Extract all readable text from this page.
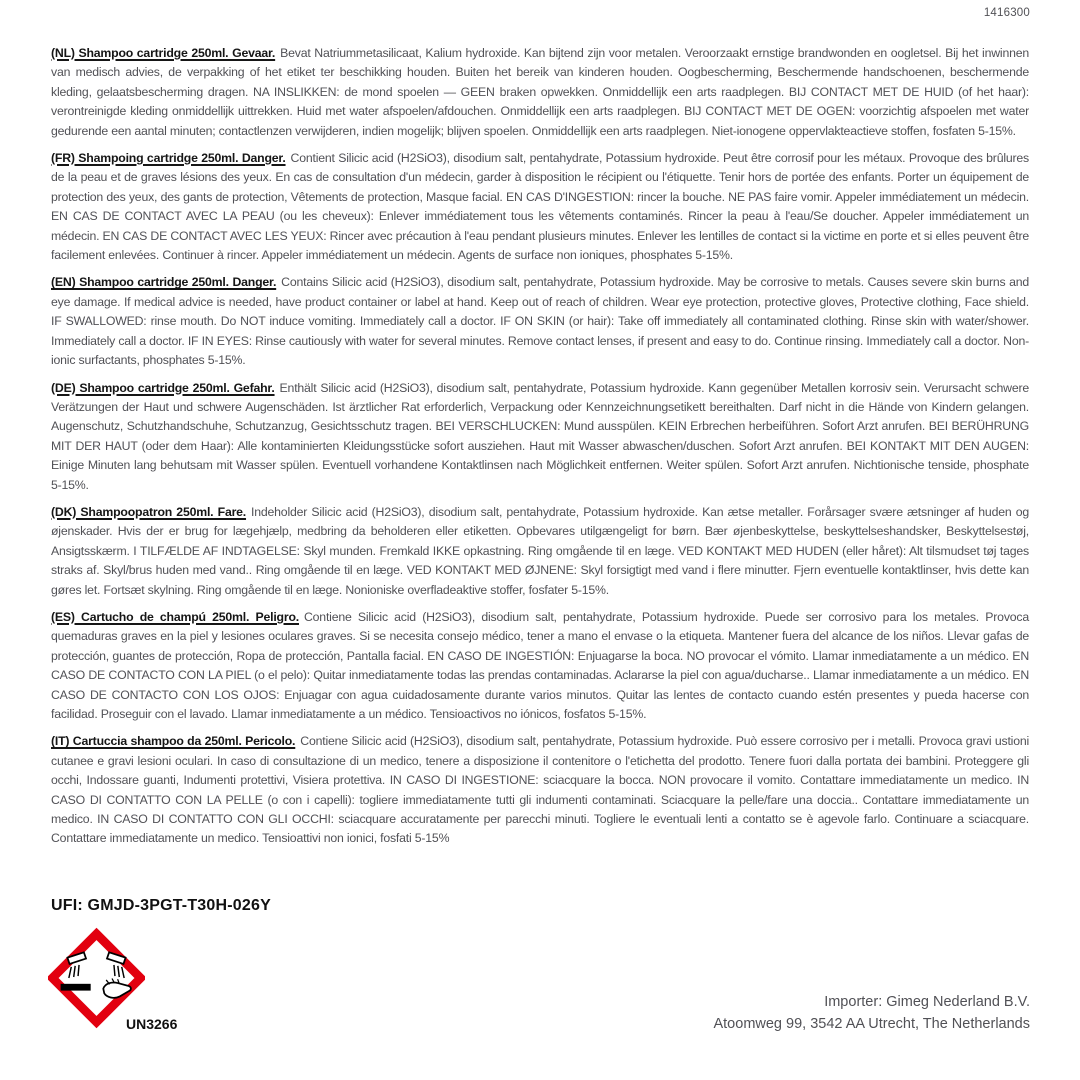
1416300

(NL) Shampoo cartridge 250ml. Gevaar. Bevat Natriummetasilicaat, Kalium hydroxide. Kan bijtend zijn voor metalen. Veroorzaakt ernstige brandwonden en oogletsel. Bij het inwinnen van medisch advies, de verpakking of het etiket ter beschikking houden. Buiten het bereik van kinderen houden. Oogbescherming, Beschermende handschoenen, beschermende kleding, gelaatsbescherming dragen. NA INSLIKKEN: de mond spoelen — GEEN braken opwekken. Onmiddellijk een arts raadplegen. BIJ CONTACT MET DE HUID (of het haar): verontreinigde kleding onmiddellijk uittrekken. Huid met water afspoelen/afdouchen. Onmiddellijk een arts raadplegen. BIJ CONTACT MET DE OGEN: voorzichtig afspoelen met water gedurende een aantal minuten; contactlenzen verwijderen, indien mogelijk; blijven spoelen. Onmiddellijk een arts raadplegen. Niet-ionogene oppervlakteactieve stoffen, fosfaten 5-15%.

(FR) Shampoing cartridge 250ml. Danger. Contient Silicic acid (H2SiO3), disodium salt, pentahydrate, Potassium hydroxide. Peut être corrosif pour les métaux. Provoque des brûlures de la peau et de graves lésions des yeux. En cas de consultation d'un médecin, garder à disposition le récipient ou l'étiquette. Tenir hors de portée des enfants. Porter un équipement de protection des yeux, des gants de protection, Vêtements de protection, Masque facial. EN CAS D'INGESTION: rincer la bouche. NE PAS faire vomir. Appeler immédiatement un médecin. EN CAS DE CONTACT AVEC LA PEAU (ou les cheveux): Enlever immédiatement tous les vêtements contaminés. Rincer la peau à l'eau/Se doucher. Appeler immédiatement un médecin. EN CAS DE CONTACT AVEC LES YEUX: Rincer avec précaution à l'eau pendant plusieurs minutes. Enlever les lentilles de contact si la victime en porte et si elles peuvent être facilement enlevées. Continuer à rincer. Appeler immédiatement un médecin. Agents de surface non ioniques, phosphates 5-15%.

(EN) Shampoo cartridge 250ml. Danger. Contains Silicic acid (H2SiO3), disodium salt, pentahydrate, Potassium hydroxide. May be corrosive to metals. Causes severe skin burns and eye damage. If medical advice is needed, have product container or label at hand. Keep out of reach of children. Wear eye protection, protective gloves, Protective clothing, Face shield. IF SWALLOWED: rinse mouth. Do NOT induce vomiting. Immediately call a doctor. IF ON SKIN (or hair): Take off immediately all contaminated clothing. Rinse skin with water/shower. Immediately call a doctor. IF IN EYES: Rinse cautiously with water for several minutes. Remove contact lenses, if present and easy to do. Continue rinsing. Immediately call a doctor. Non-ionic surfactants, phosphates 5-15%.

(DE) Shampoo cartridge 250ml. Gefahr. Enthält Silicic acid (H2SiO3), disodium salt, pentahydrate, Potassium hydroxide. Kann gegenüber Metallen korrosiv sein. Verursacht schwere Verätzungen der Haut und schwere Augenschäden. Ist ärztlicher Rat erforderlich, Verpackung oder Kennzeichnungsetikett bereithalten. Darf nicht in die Hände von Kindern gelangen. Augenschutz, Schutzhandschuhe, Schutzanzug, Gesichtsschutz tragen. BEI VERSCHLUCKEN: Mund ausspülen. KEIN Erbrechen herbeiführen. Sofort Arzt anrufen. BEI BERÜHRUNG MIT DER HAUT (oder dem Haar): Alle kontaminierten Kleidungsstücke sofort ausziehen. Haut mit Wasser abwaschen/duschen. Sofort Arzt anrufen. BEI KONTAKT MIT DEN AUGEN: Einige Minuten lang behutsam mit Wasser spülen. Eventuell vorhandene Kontaktlinsen nach Möglichkeit entfernen. Weiter spülen. Sofort Arzt anrufen. Nichtionische tenside, phosphate 5-15%.

(DK) Shampoopatron 250ml. Fare. Indeholder Silicic acid (H2SiO3), disodium salt, pentahydrate, Potassium hydroxide. Kan ætse metaller. Forårsager svære ætsninger af huden og øjenskader. Hvis der er brug for lægehjælp, medbring da beholderen eller etiketten. Opbevares utilgængeligt for børn. Bær øjenbeskyttelse, beskyttelseshandsker, Beskyttelsestøj, Ansigtsskærm. I TILFÆLDE AF INDTAGELSE: Skyl munden. Fremkald IKKE opkastning. Ring omgående til en læge. VED KONTAKT MED HUDEN (eller håret): Alt tilsmudset tøj tages straks af. Skyl/brus huden med vand.. Ring omgående til en læge. VED KONTAKT MED ØJNENE: Skyl forsigtigt med vand i flere minutter. Fjern eventuelle kontaktlinser, hvis dette kan gøres let. Fortsæt skylning. Ring omgående til en læge. Nonioniske overfladeaktive stoffer, fosfater 5-15%.

(ES) Cartucho de champú 250ml. Peligro. Contiene Silicic acid (H2SiO3), disodium salt, pentahydrate, Potassium hydroxide. Puede ser corrosivo para los metales. Provoca quemaduras graves en la piel y lesiones oculares graves. Si se necesita consejo médico, tener a mano el envase o la etiqueta. Mantener fuera del alcance de los niños. Llevar gafas de protección, guantes de protección, Ropa de protección, Pantalla facial. EN CASO DE INGESTIÓN: Enjuagarse la boca. NO provocar el vómito. Llamar inmediatamente a un médico. EN CASO DE CONTACTO CON LA PIEL (o el pelo): Quitar inmediatamente todas las prendas contaminadas. Aclararse la piel con agua/ducharse.. Llamar inmediatamente a un médico. EN CASO DE CONTACTO CON LOS OJOS: Enjuagar con agua cuidadosamente durante varios minutos. Quitar las lentes de contacto cuando estén presentes y pueda hacerse con facilidad. Proseguir con el lavado. Llamar inmediatamente a un médico. Tensioactivos no iónicos, fosfatos 5-15%.

(IT) Cartuccia shampoo da 250ml. Pericolo. Contiene Silicic acid (H2SiO3), disodium salt, pentahydrate, Potassium hydroxide. Può essere corrosivo per i metalli. Provoca gravi ustioni cutanee e gravi lesioni oculari. In caso di consultazione di un medico, tenere a disposizione il contenitore o l'etichetta del prodotto. Tenere fuori dalla portata dei bambini. Proteggere gli occhi, Indossare guanti, Indumenti protettivi, Visiera protettiva. IN CASO DI INGESTIONE: sciacquare la bocca. NON provocare il vomito. Contattare immediatamente un medico. IN CASO DI CONTATTO CON LA PELLE (o con i capelli): togliere immediatamente tutti gli indumenti contaminati. Sciacquare la pelle/fare una doccia.. Contattare immediatamente un medico. IN CASO DI CONTATTO CON GLI OCCHI: sciacquare accuratamente per parecchi minuti. Togliere le eventuali lenti a contatto se è agevole farlo. Continuare a sciacquare. Contattare immediatamente un medico. Tensioattivi non ionici, fosfati 5-15%

UFI: GMJD-3PGT-T30H-026Y
UN3266
Importer: Gimeg Nederland B.V.
Atoomweg 99, 3542 AA Utrecht, The Netherlands
